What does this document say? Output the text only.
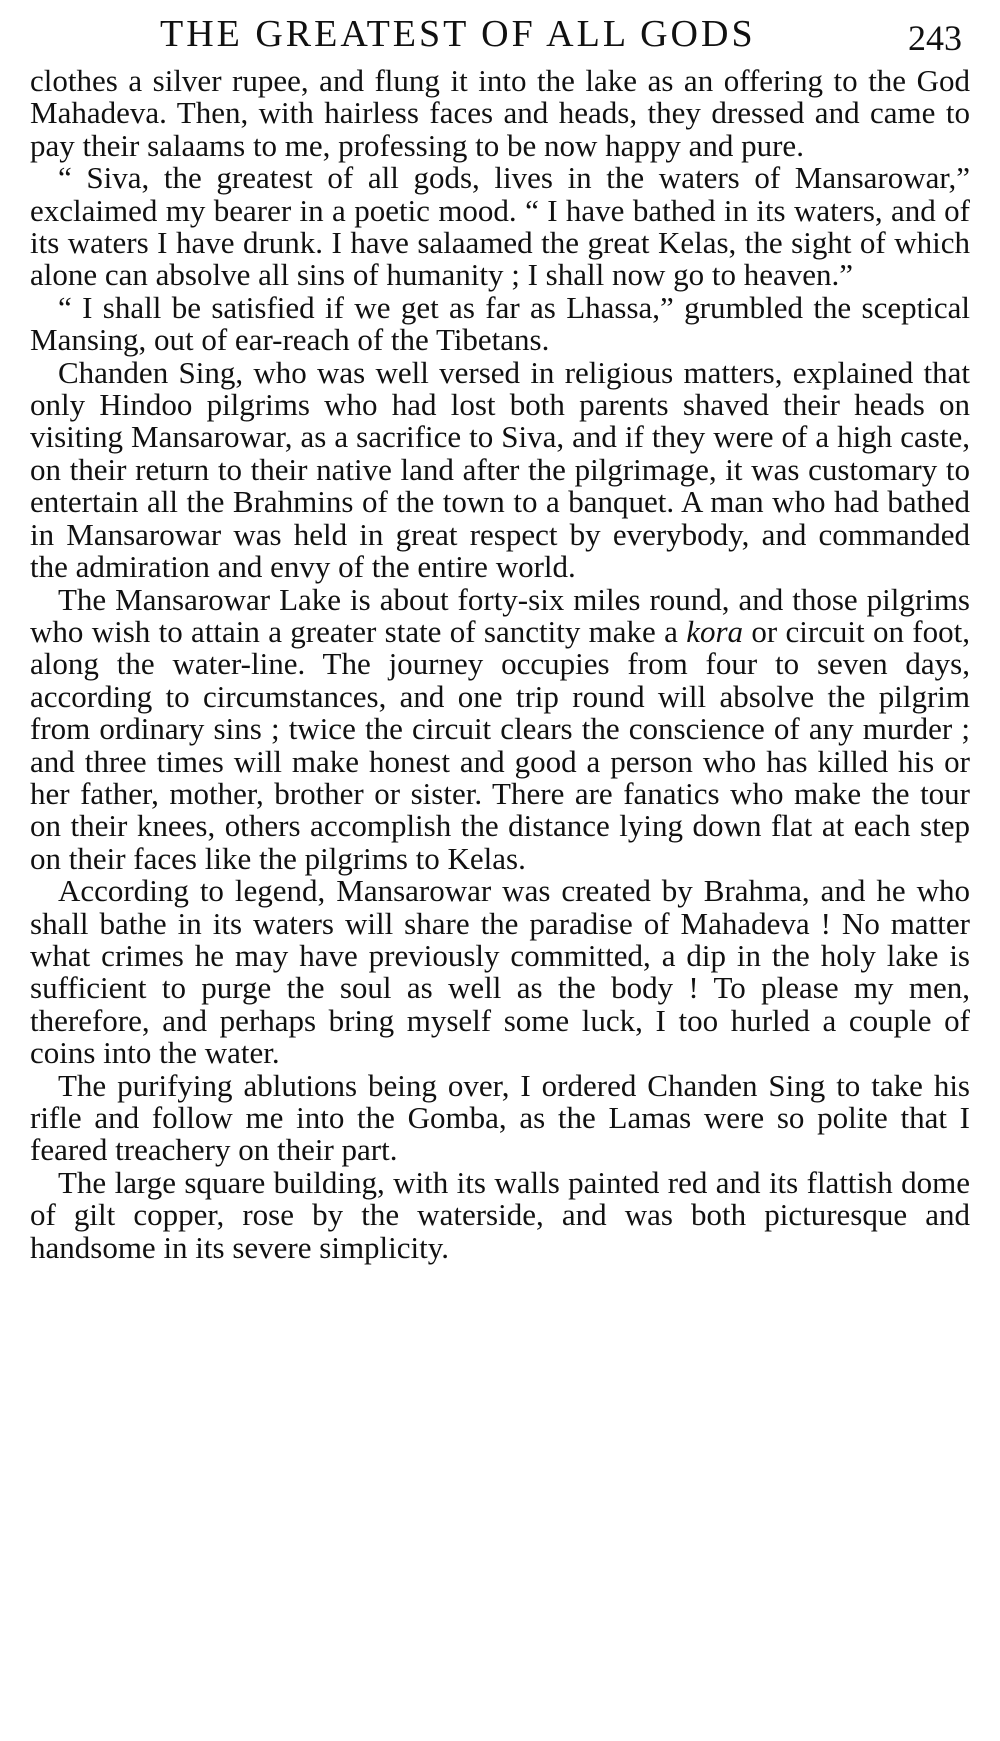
THE GREATEST OF ALL GODS	243

clothes a silver rupee, and flung it into the lake as an offering to the God Mahadeva. Then, with hairless faces and heads, they dressed and came to pay their salaams to me, professing to be now happy and pure.

“ Siva, the greatest of all gods, lives in the waters of Mansarowar,” exclaimed my bearer in a poetic mood. “ I have bathed in its waters, and of its waters I have drunk. I have salaamed the great Kelas, the sight of which alone can absolve all sins of humanity ; I shall now go to heaven.”

“ I shall be satisfied if we get as far as Lhassa,” grumbled the sceptical Mansing, out of ear-reach of the Tibetans.

Chanden Sing, who was well versed in religious matters, explained that only Hindoo pilgrims who had lost both parents shaved their heads on visiting Mansarowar, as a sacrifice to Siva, and if they were of a high caste, on their return to their native land after the pilgrimage, it was customary to entertain all the Brahmins of the town to a banquet. A man who had bathed in Mansarowar was held in great respect by everybody, and commanded the admiration and envy of the entire world.

The Mansarowar Lake is about forty-six miles round, and those pilgrims who wish to attain a greater state of sanctity make a kora or circuit on foot, along the water-line. The journey occupies from four to seven days, according to circumstances, and one trip round will absolve the pilgrim from ordinary sins ; twice the circuit clears the conscience of any murder ; and three times will make honest and good a person who has killed his or her father, mother, brother or sister. There are fanatics who make the tour on their knees, others accomplish the distance lying down flat at each step on their faces like the pilgrims to Kelas.

According to legend, Mansarowar was created by Brahma, and he who shall bathe in its waters will share the paradise of Mahadeva ! No matter what crimes he may have previously committed, a dip in the holy lake is sufficient to purge the soul as well as the body ! To please my men, therefore, and perhaps bring myself some luck, I too hurled a couple of coins into the water.

The purifying ablutions being over, I ordered Chanden Sing to take his rifle and follow me into the Gomba, as the Lamas were so polite that I feared treachery on their part.

The large square building, with its walls painted red and its flattish dome of gilt copper, rose by the waterside, and was both picturesque and handsome in its severe simplicity.
